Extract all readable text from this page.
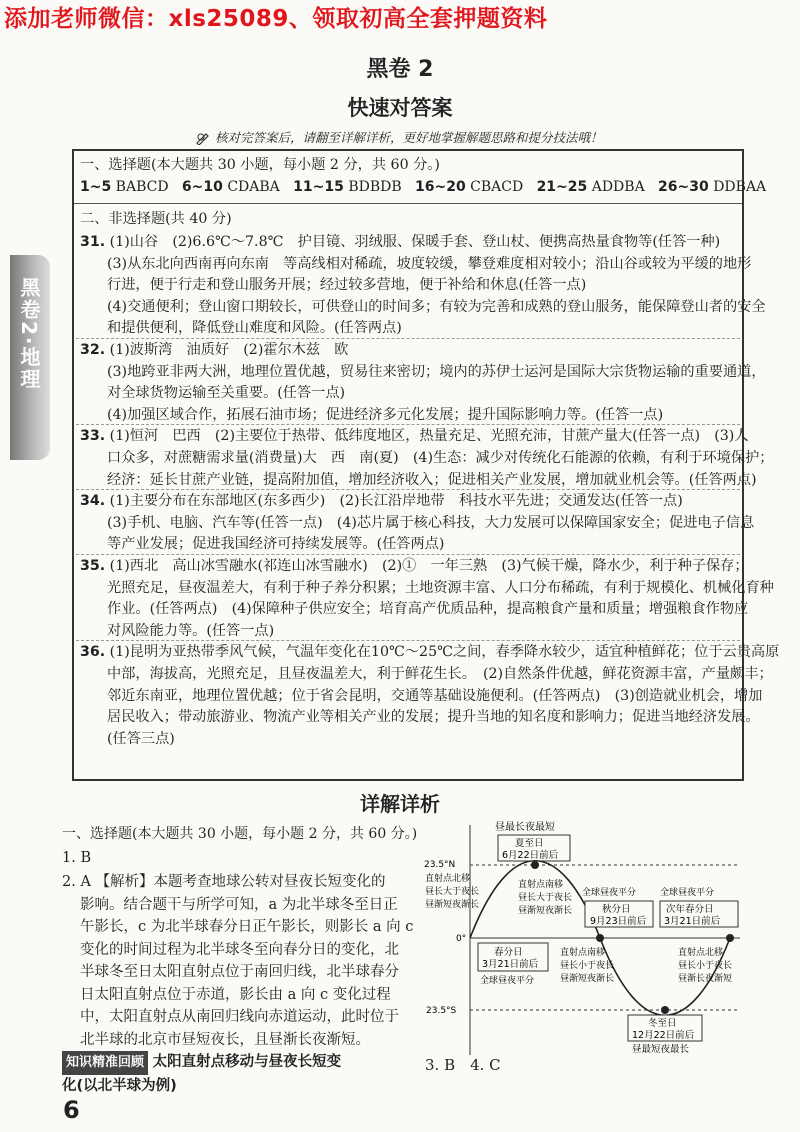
添加老师微信：xls25089、领取初高全套押题资料
黑卷 2
快速对答案
核对完答案后，请翻至详解详析，更好地掌握解题思路和提分技法哦！
黑卷2·地理
一、选择题(本大题共 30 小题，每小题 2 分，共 60 分。)
1~5 BABCD 6~10 CDABA 11~15 BDBDB 16~20 CBACD 21~25 ADDBA 26~30 DDBAA
二、非选择题(共 40 分)
31. (1)山谷　(2)6.6℃～7.8℃　护目镜、羽绒服、保暖手套、登山杖、便携高热量食物等(任答一种)
(3)从东北向西南再向东南　等高线相对稀疏，坡度较缓，攀登难度相对较小；沿山谷或较为平缓的地形
行进，便于行走和登山服务开展；经过较多营地，便于补给和休息(任答一点)
(4)交通便利；登山窗口期较长，可供登山的时间多；有较为完善和成熟的登山服务，能保障登山者的安全
和提供便利，降低登山难度和风险。(任答两点)
32. (1)波斯湾　油质好　(2)霍尔木兹　欧
(3)地跨亚非两大洲，地理位置优越，贸易往来密切；境内的苏伊士运河是国际大宗货物运输的重要通道，
对全球货物运输至关重要。(任答一点)
(4)加强区域合作，拓展石油市场；促进经济多元化发展；提升国际影响力等。(任答一点)
33. (1)恒河　巴西　(2)主要位于热带、低纬度地区，热量充足、光照充沛，甘蔗产量大(任答一点)　(3)人
口众多，对蔗糖需求量(消费量)大　西　南(夏)　(4)生态：减少对传统化石能源的依赖，有利于环境保护；
经济：延长甘蔗产业链，提高附加值，增加经济收入；促进相关产业发展，增加就业机会等。(任答两点)
34. (1)主要分布在东部地区(东多西少)　(2)长江沿岸地带　科技水平先进；交通发达(任答一点)
(3)手机、电脑、汽车等(任答一点)　(4)芯片属于核心科技，大力发展可以保障国家安全；促进电子信息
等产业发展；促进我国经济可持续发展等。(任答两点)
35. (1)西北　高山冰雪融水(祁连山冰雪融水)　(2)①　一年三熟　(3)气候干燥，降水少，利于种子保存；
光照充足，昼夜温差大，有利于种子养分积累；土地资源丰富、人口分布稀疏，有利于规模化、机械化育种
作业。(任答两点)　(4)保障种子供应安全；培育高产优质品种，提高粮食产量和质量；增强粮食作物应
对风险能力等。(任答一点)
36. (1)昆明为亚热带季风气候，气温年变化在10℃～25℃之间，春季降水较少，适宜种植鲜花；位于云贵高原
中部，海拔高，光照充足，且昼夜温差大，利于鲜花生长。　(2)自然条件优越，鲜花资源丰富，产量颇丰；
邻近东南亚，地理位置优越；位于省会昆明，交通等基础设施便利。(任答两点)　(3)创造就业机会，增加
居民收入；带动旅游业、物流产业等相关产业的发展；提升当地的知名度和影响力；促进当地经济发展。
(任答三点)
详解详析
一、选择题(本大题共 30 小题，每小题 2 分，共 60 分。)
1. B
2. A 【解析】本题考查地球公转对昼夜长短变化的
影响。结合题干与所学可知，a 为北半球冬至日正
午影长，c 为北半球春分日正午影长，则影长 a 向 c
变化的时间过程为北半球冬至向春分日的变化，北
半球冬至日太阳直射点位于南回归线，北半球春分
日太阳直射点位于赤道，影长由 a 向 c 变化过程
中，太阳直射点从南回归线向赤道运动，此时位于
北半球的北京市昼短夜长，且昼渐长夜渐短。
知识精准回顾 太阳直射点移动与昼夜长短变
化(以北半球为例)
昼最长夜最短
夏至日
6月22日前后
23.5°N
0°
23.5°S
直射点北移
昼长大于夜长
昼渐短夜渐长
春分日
3月21日前后
全球昼夜平分
直射点南移
昼长大于夜长
昼渐短夜渐长
全球昼夜平分
秋分日
9月23日前后
直射点南移
昼长小于夜长
昼渐短夜渐长
全球昼夜平分
次年春分日
3月21日前后
直射点北移
昼长小于夜长
昼渐长夜渐短
冬至日
12月22日前后
昼最短夜最长
3. B　4. C
6
